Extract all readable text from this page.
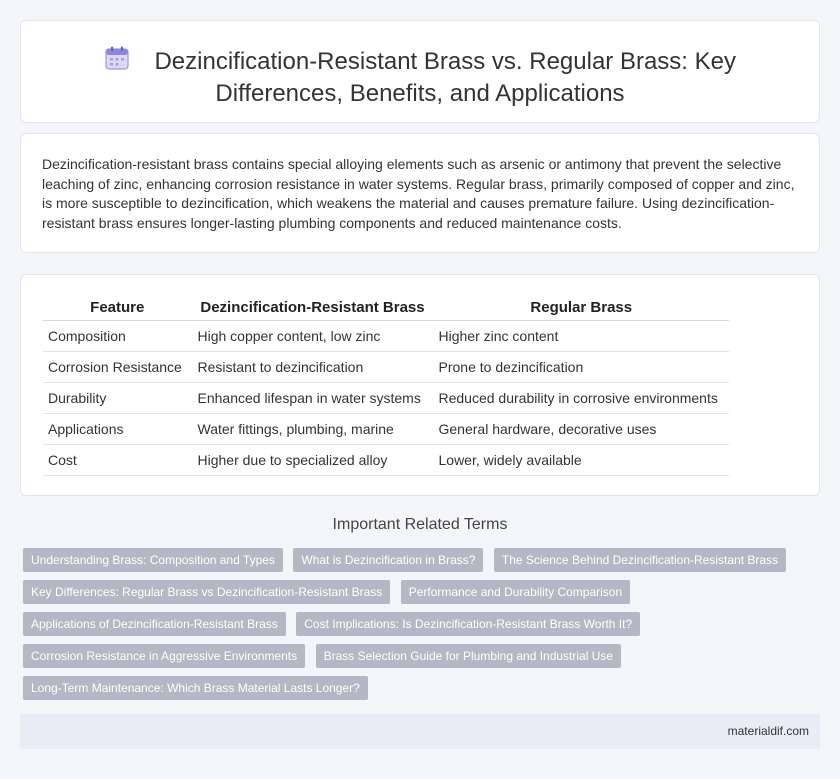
Dezincification-Resistant Brass vs. Regular Brass: Key Differences, Benefits, and Applications

Dezincification-resistant brass contains special alloying elements such as arsenic or antimony that prevent the selective leaching of zinc, enhancing corrosion resistance in water systems. Regular brass, primarily composed of copper and zinc, is more susceptible to dezincification, which weakens the material and causes premature failure. Using dezincification-resistant brass ensures longer-lasting plumbing components and reduced maintenance costs.

Feature	Dezincification-Resistant Brass	Regular Brass
Composition	High copper content, low zinc	Higher zinc content
Corrosion Resistance	Resistant to dezincification	Prone to dezincification
Durability	Enhanced lifespan in water systems	Reduced durability in corrosive environments
Applications	Water fittings, plumbing, marine	General hardware, decorative uses
Cost	Higher due to specialized alloy	Lower, widely available
Important Related Terms
Understanding Brass: Composition and Types What is Dezincification in Brass? The Science Behind Dezincification-Resistant Brass
Key Differences: Regular Brass vs Dezincification-Resistant Brass Performance and Durability Comparison
Applications of Dezincification-Resistant Brass Cost Implications: Is Dezincification-Resistant Brass Worth It?
Corrosion Resistance in Aggressive Environments Brass Selection Guide for Plumbing and Industrial Use
Long-Term Maintenance: Which Brass Material Lasts Longer?
materialdif.com
